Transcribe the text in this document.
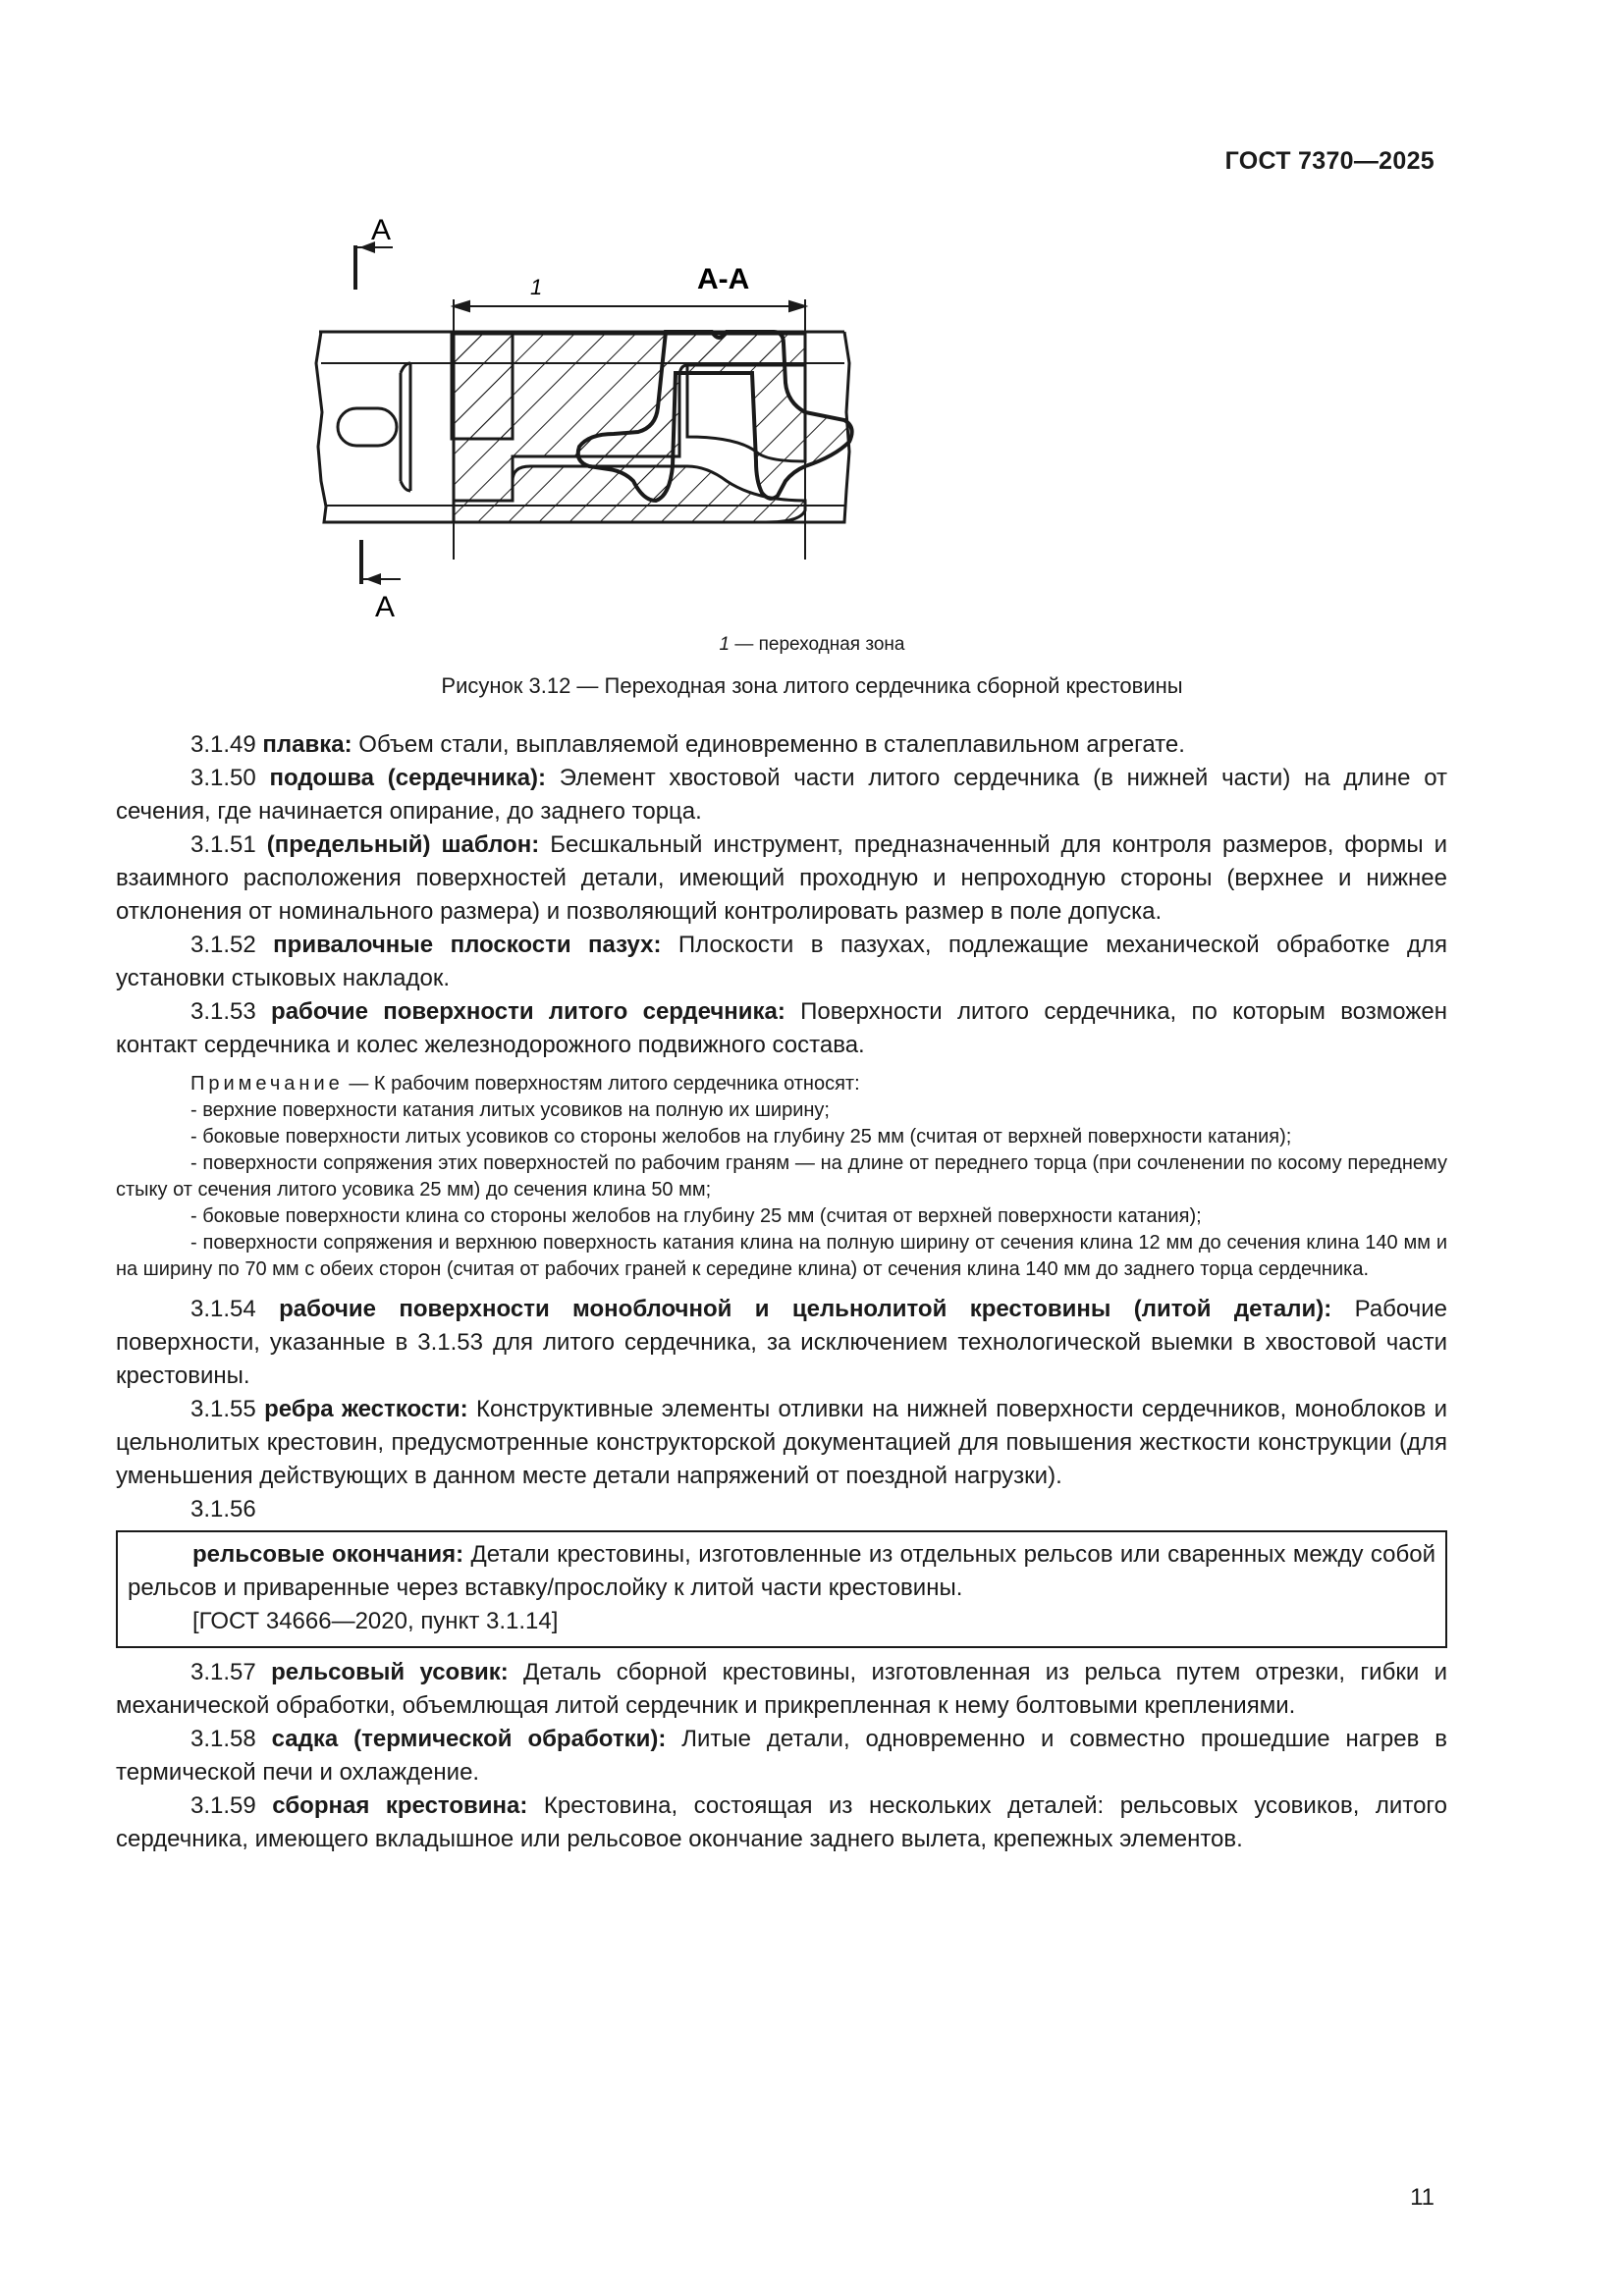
ГОСТ 7370—2025
1
А
А
А-А
1 — переходная зона
Рисунок 3.12 — Переходная зона литого сердечника сборной крестовины

3.1.49 плавка: Объем стали, выплавляемой единовременно в сталеплавильном агрегате.

3.1.50 подошва (сердечника): Элемент хвостовой части литого сердечника (в нижней части) на длине от сечения, где начинается опирание, до заднего торца.

3.1.51 (предельный) шаблон: Бесшкальный инструмент, предназначенный для контроля размеров, формы и взаимного расположения поверхностей детали, имеющий проходную и непроходную стороны (верхнее и нижнее отклонения от номинального размера) и позволяющий контролировать размер в поле допуска.

3.1.52 привалочные плоскости пазух: Плоскости в пазухах, подлежащие механической обработке для установки стыковых накладок.

3.1.53 рабочие поверхности литого сердечника: Поверхности литого сердечника, по которым возможен контакт сердечника и колес железнодорожного подвижного состава.

Примечание — К рабочим поверхностям литого сердечника относят:

- верхние поверхности катания литых усовиков на полную их ширину;

- боковые поверхности литых усовиков со стороны желобов на глубину 25 мм (считая от верхней поверхности катания);

- поверхности сопряжения этих поверхностей по рабочим граням — на длине от переднего торца (при сочленении по косому переднему стыку от сечения литого усовика 25 мм) до сечения клина 50 мм;

- боковые поверхности клина со стороны желобов на глубину 25 мм (считая от верхней поверхности катания);

- поверхности сопряжения и верхнюю поверхность катания клина на полную ширину от сечения клина 12 мм до сечения клина 140 мм и на ширину по 70 мм с обеих сторон (считая от рабочих граней к середине клина) от сечения клина 140 мм до заднего торца сердечника.

3.1.54 рабочие поверхности моноблочной и цельнолитой крестовины (литой детали): Рабочие поверхности, указанные в 3.1.53 для литого сердечника, за исключением технологической выемки в хвостовой части крестовины.

3.1.55 ребра жесткости: Конструктивные элементы отливки на нижней поверхности сердечников, моноблоков и цельнолитых крестовин, предусмотренные конструкторской документацией для повышения жесткости конструкции (для уменьшения действующих в данном месте детали напряжений от поездной нагрузки).

3.1.56

рельсовые окончания: Детали крестовины, изготовленные из отдельных рельсов или сваренных между собой рельсов и приваренные через вставку/прослойку к литой части крестовины.

[ГОСТ 34666—2020, пункт 3.1.14]

3.1.57 рельсовый усовик: Деталь сборной крестовины, изготовленная из рельса путем отрезки, гибки и механической обработки, объемлющая литой сердечник и прикрепленная к нему болтовыми креплениями.

3.1.58 садка (термической обработки): Литые детали, одновременно и совместно прошедшие нагрев в термической печи и охлаждение.

3.1.59 сборная крестовина: Крестовина, состоящая из нескольких деталей: рельсовых усовиков, литого сердечника, имеющего вкладышное или рельсовое окончание заднего вылета, крепежных элементов.

11
